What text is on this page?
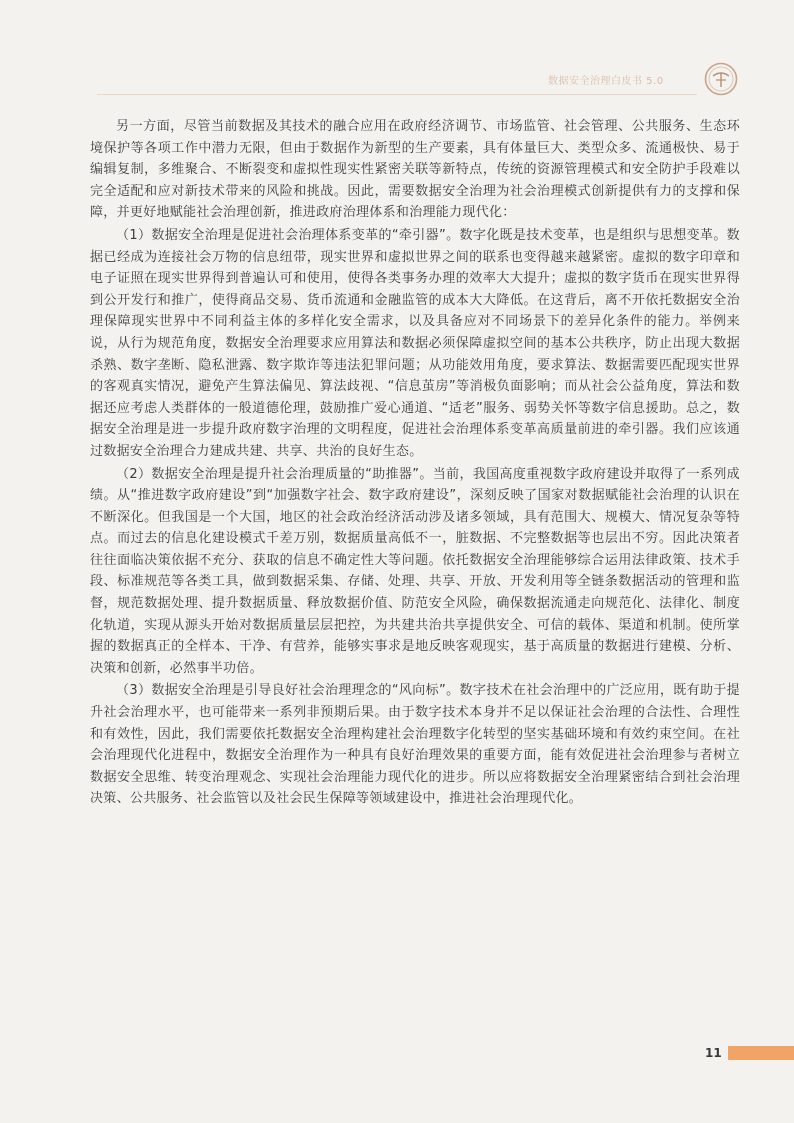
数据安全治理白皮书 5.0

另一方面，尽管当前数据及其技术的融合应用在政府经济调节、市场监管、社会管理、公共服务、生态环境保护等各项工作中潜力无限，但由于数据作为新型的生产要素，具有体量巨大、类型众多、流通极快、易于编辑复制，多维聚合、不断裂变和虚拟性现实性紧密关联等新特点，传统的资源管理模式和安全防护手段难以完全适配和应对新技术带来的风险和挑战。因此，需要数据安全治理为社会治理模式创新提供有力的支撑和保障，并更好地赋能社会治理创新，推进政府治理体系和治理能力现代化：

（1）数据安全治理是促进社会治理体系变革的“牵引器”。数字化既是技术变革，也是组织与思想变革。数据已经成为连接社会万物的信息纽带，现实世界和虚拟世界之间的联系也变得越来越紧密。虚拟的数字印章和电子证照在现实世界得到普遍认可和使用，使得各类事务办理的效率大大提升；虚拟的数字货币在现实世界得到公开发行和推广，使得商品交易、货币流通和金融监管的成本大大降低。在这背后，离不开依托数据安全治理保障现实世界中不同利益主体的多样化安全需求，以及具备应对不同场景下的差异化条件的能力。举例来说，从行为规范角度，数据安全治理要求应用算法和数据必须保障虚拟空间的基本公共秩序，防止出现大数据杀熟、数字垄断、隐私泄露、数字欺诈等违法犯罪问题；从功能效用角度，要求算法、数据需要匹配现实世界的客观真实情况，避免产生算法偏见、算法歧视、“信息茧房”等消极负面影响；而从社会公益角度，算法和数据还应考虑人类群体的一般道德伦理，鼓励推广爱心通道、“适老”服务、弱势关怀等数字信息援助。总之，数据安全治理是进一步提升政府数字治理的文明程度，促进社会治理体系变革高质量前进的牵引器。我们应该通过数据安全治理合力建成共建、共享、共治的良好生态。

（2）数据安全治理是提升社会治理质量的“助推器”。当前，我国高度重视数字政府建设并取得了一系列成绩。从“推进数字政府建设”到“加强数字社会、数字政府建设”，深刻反映了国家对数据赋能社会治理的认识在不断深化。但我国是一个大国，地区的社会政治经济活动涉及诸多领域，具有范围大、规模大、情况复杂等特点。而过去的信息化建设模式千差万别，数据质量高低不一，脏数据、不完整数据等也层出不穷。因此决策者往往面临决策依据不充分、获取的信息不确定性大等问题。依托数据安全治理能够综合运用法律政策、技术手段、标准规范等各类工具，做到数据采集、存储、处理、共享、开放、开发利用等全链条数据活动的管理和监督，规范数据处理、提升数据质量、释放数据价值、防范安全风险，确保数据流通走向规范化、法律化、制度化轨道，实现从源头开始对数据质量层层把控，为共建共治共享提供安全、可信的载体、渠道和机制。使所掌握的数据真正的全样本、干净、有营养，能够实事求是地反映客观现实，基于高质量的数据进行建模、分析、决策和创新，必然事半功倍。

（3）数据安全治理是引导良好社会治理理念的“风向标”。数字技术在社会治理中的广泛应用，既有助于提升社会治理水平，也可能带来一系列非预期后果。由于数字技术本身并不足以保证社会治理的合法性、合理性和有效性，因此，我们需要依托数据安全治理构建社会治理数字化转型的坚实基础环境和有效约束空间。在社会治理现代化进程中，数据安全治理作为一种具有良好治理效果的重要方面，能有效促进社会治理参与者树立数据安全思维、转变治理观念、实现社会治理能力现代化的进步。所以应将数据安全治理紧密结合到社会治理决策、公共服务、社会监管以及社会民生保障等领域建设中，推进社会治理现代化。

11
